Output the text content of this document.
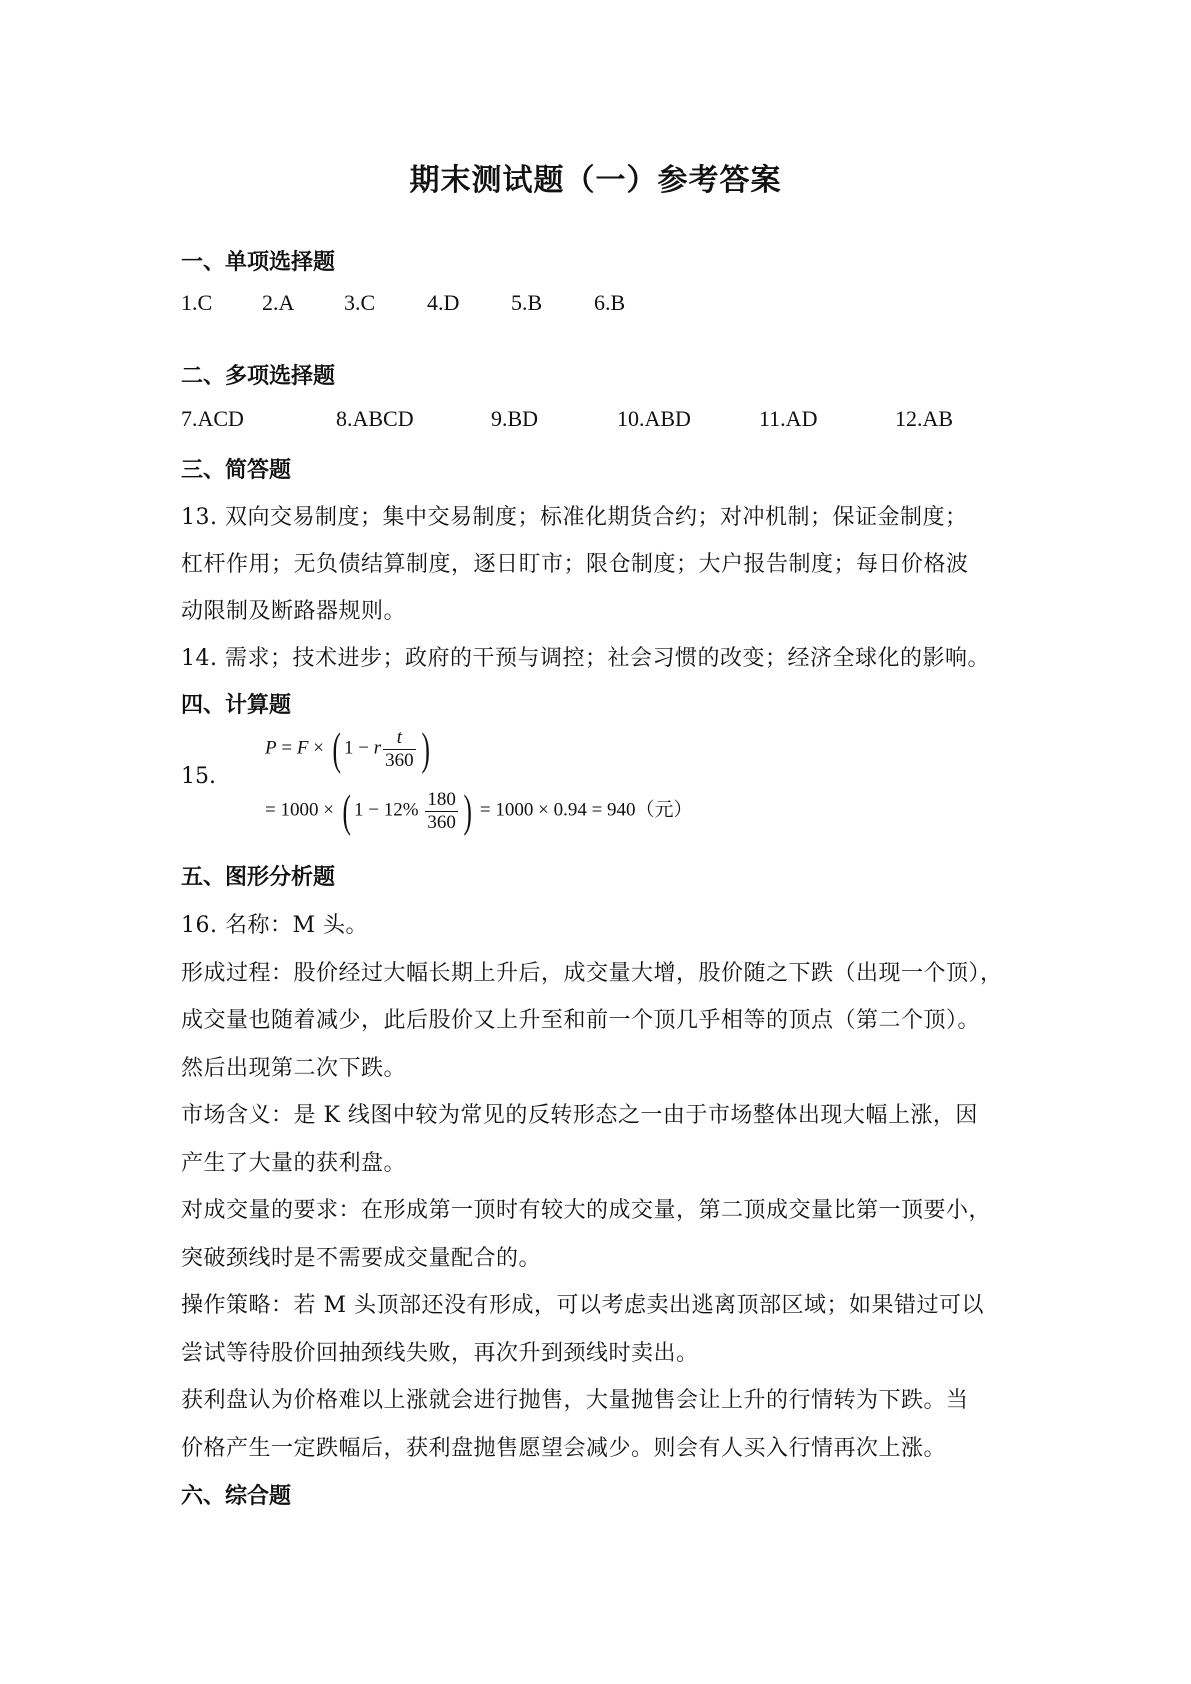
期末测试题（一）参考答案
一、单项选择题
1.C 2.A 3.C 4.D 5.B 6.B
二、多项选择题
7.ACD	8.ABCD	9.BD	10.ABD	11.AD	12.AB
三、简答题
13. 双向交易制度；集中交易制度；标准化期货合约；对冲机制；保证金制度；
杠杆作用；无负债结算制度，逐日盯市；限仓制度；大户报告制度；每日价格波
动限制及断路器规则。
14. 需求；技术进步；政府的干预与调控；社会习惯的改变；经济全球化的影响。
四、计算题
15.
P = F × ( 1 − r $\frac{t}{360}$ )
= 1000 × ( $1 - 12\% \frac{180}{360}$ ) = 1000 × 0.94 = 940（元）
五、图形分析题
16. 名称：M 头。
形成过程：股价经过大幅长期上升后，成交量大增，股价随之下跌（出现一个顶），
成交量也随着减少，此后股价又上升至和前一个顶几乎相等的顶点（第二个顶）。
然后出现第二次下跌。
市场含义：是 K 线图中较为常见的反转形态之一由于市场整体出现大幅上涨，因
产生了大量的获利盘。
对成交量的要求：在形成第一顶时有较大的成交量，第二顶成交量比第一顶要小，
突破颈线时是不需要成交量配合的。
操作策略：若 M 头顶部还没有形成，可以考虑卖出逃离顶部区域；如果错过可以
尝试等待股价回抽颈线失败，再次升到颈线时卖出。
获利盘认为价格难以上涨就会进行抛售，大量抛售会让上升的行情转为下跌。当
价格产生一定跌幅后，获利盘抛售愿望会减少。则会有人买入行情再次上涨。
六、综合题
